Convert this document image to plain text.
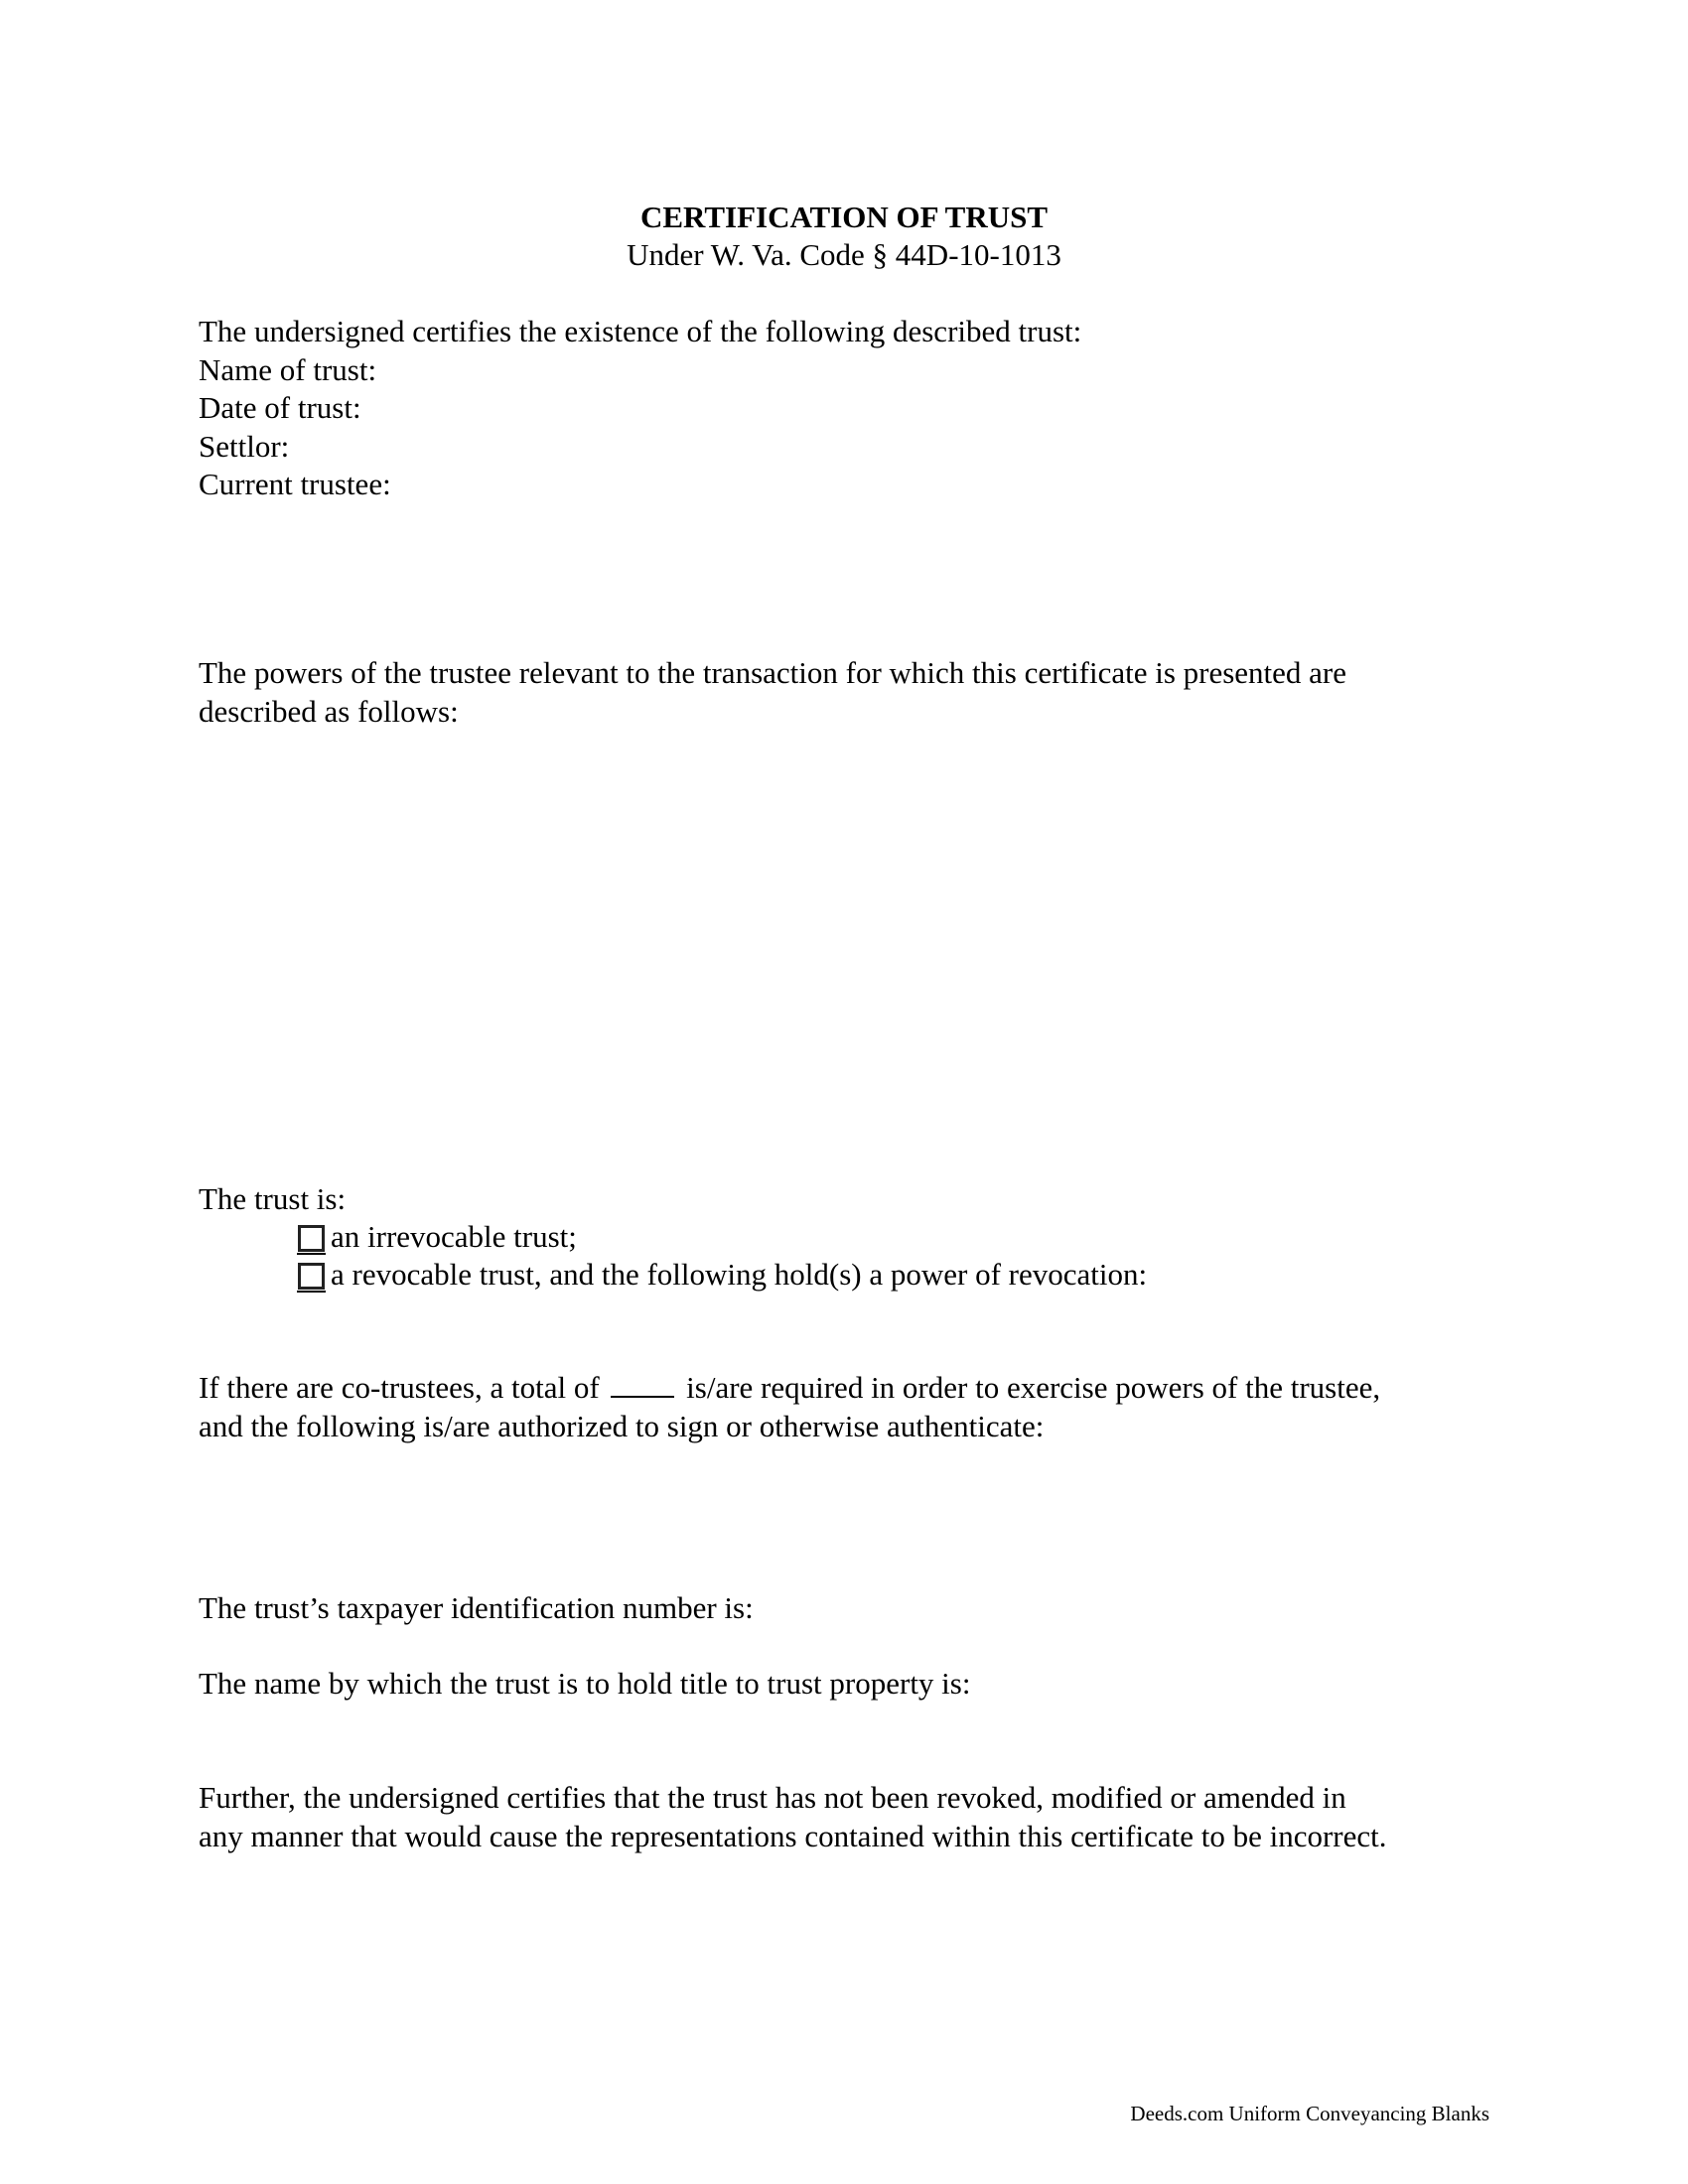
CERTIFICATION OF TRUST
Under W. Va. Code § 44D-10-1013

The undersigned certifies the existence of the following described trust:

Name of trust:

Date of trust:

Settlor:

Current trustee:

The powers of the trustee relevant to the transaction for which this certificate is presented are

described as follows:

The trust is:
an irrevocable trust;
a revocable trust, and the following hold(s) a power of revocation:

If there are co-trustees, a total of	is/are required in order to exercise powers of the trustee,

and the following is/are authorized to sign or otherwise authenticate:

The trust’s taxpayer identification number is:
The name by which the trust is to hold title to trust property is:

Further, the undersigned certifies that the trust has not been revoked, modified or amended in

any manner that would cause the representations contained within this certificate to be incorrect.

Deeds.com Uniform Conveyancing Blanks
